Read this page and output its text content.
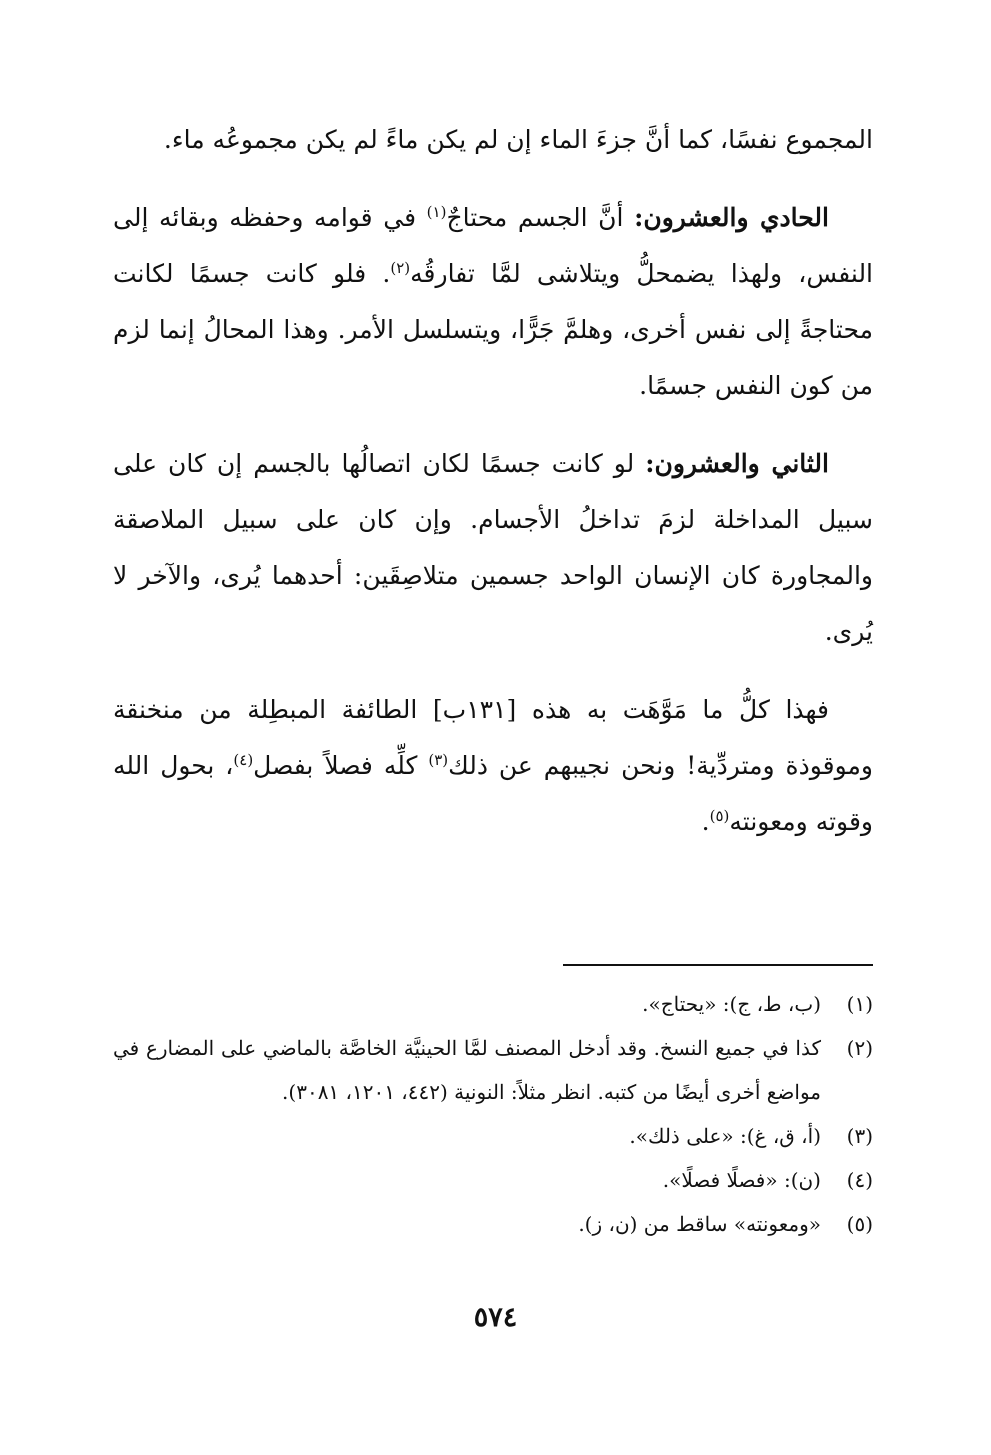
المجموع نفسًا، كما أنَّ جزءَ الماء إن لم يكن ماءً لم يكن مجموعُه ماء.

الحادي والعشرون: أنَّ الجسم محتاجٌ$^{(١)}$ في قوامه وحفظه وبقائه إلى النفس، ولهذا يضمحلُّ ويتلاشى لمَّا تفارقُه$^{(٢)}$. فلو كانت جسمًا لكانت محتاجةً إلى نفس أخرى، وهلمَّ جَرًّا، ويتسلسل الأمر. وهذا المحالُ إنما لزم من كون النفس جسمًا.

الثاني والعشرون: لو كانت جسمًا لكان اتصالُها بالجسم إن كان على سبيل المداخلة لزمَ تداخلُ الأجسام. وإن كان على سبيل الملاصقة والمجاورة كان الإنسان الواحد جسمين متلاصِقَين: أحدهما يُرى، والآخر لا يُرى.

فهذا كلُّ ما مَوَّهَت به هذه [١٣١ب] الطائفة المبطِلة من منخنقة وموقوذة ومتردِّية! ونحن نجيبهم عن ذلك$^{(٣)}$ كلِّه فصلاً بفصل$^{(٤)}$، بحول الله وقوته ومعونته$^{(٥)}$.

(١)
(ب، ط، ج): «يحتاج».
(٢)
كذا في جميع النسخ. وقد أدخل المصنف لمَّا الحينيَّة الخاصَّة بالماضي على المضارع في مواضع أخرى أيضًا من كتبه. انظر مثلاً: النونية (٤٤٢، ١٢٠١، ٣٠٨١).
(٣)
(أ، ق، غ): «على ذلك».
(٤)
(ن): «فصلًا فصلًا».
(٥)
«ومعونته» ساقط من (ن، ز).
٥٧٤
